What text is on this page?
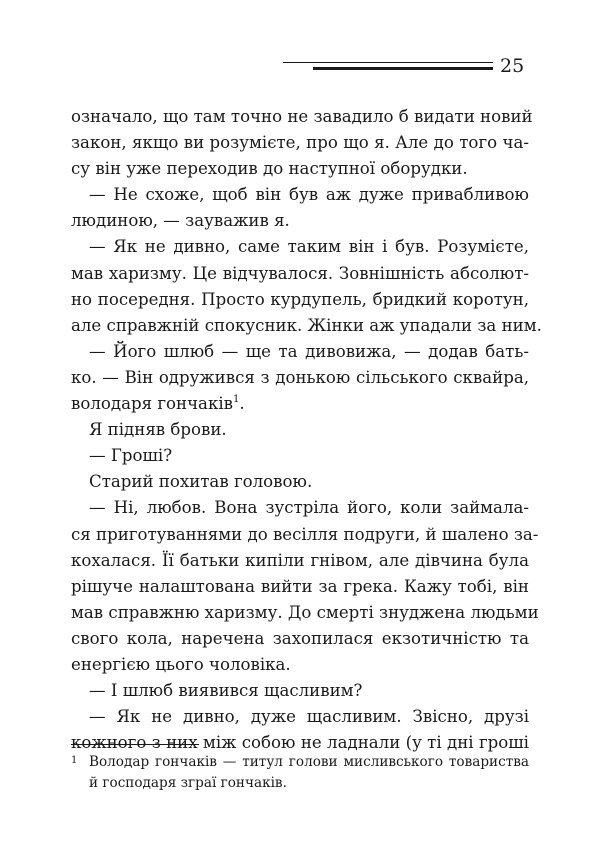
25
означало, що там точно не завадило б видати новий
закон, якщо ви розумієте, про що я. Але до того ча-
су він уже переходив до наступної оборудки.
— Не схоже, щоб він був аж дуже привабливою
людиною, — зауважив я.
— Як не дивно, саме таким він і був. Розумієте,
мав харизму. Це відчувалося. Зовнішність абсолют-
но посередня. Просто курдупель, бридкий коротун,
але справжній спокусник. Жінки аж упадали за ним.
— Його шлюб — ще та дивовижа, — додав бать-
ко. — Він одружився з донькою сільського сквайра,
володаря гончаків$^1$.
Я підняв брови.
— Гроші?
Старий похитав головою.
— Ні, любов. Вона зустріла його, коли займала-
ся приготуваннями до весілля подруги, й шалено за-
кохалася. Її батьки кипіли гнівом, але дівчина була
рішуче налаштована вийти за грека. Кажу тобі, він
мав справжню харизму. До смерті знуджена людьми
свого кола, наречена захопилася екзотичністю та
енергією цього чоловіка.
— І шлюб виявився щасливим?
— Як не дивно, дуже щасливим. Звісно, друзі
кожного з них між собою не ладнали (у ті дні гроші
1 Володар гончаків — титул голови мисливського товариства
й господаря зграї гончаків.
